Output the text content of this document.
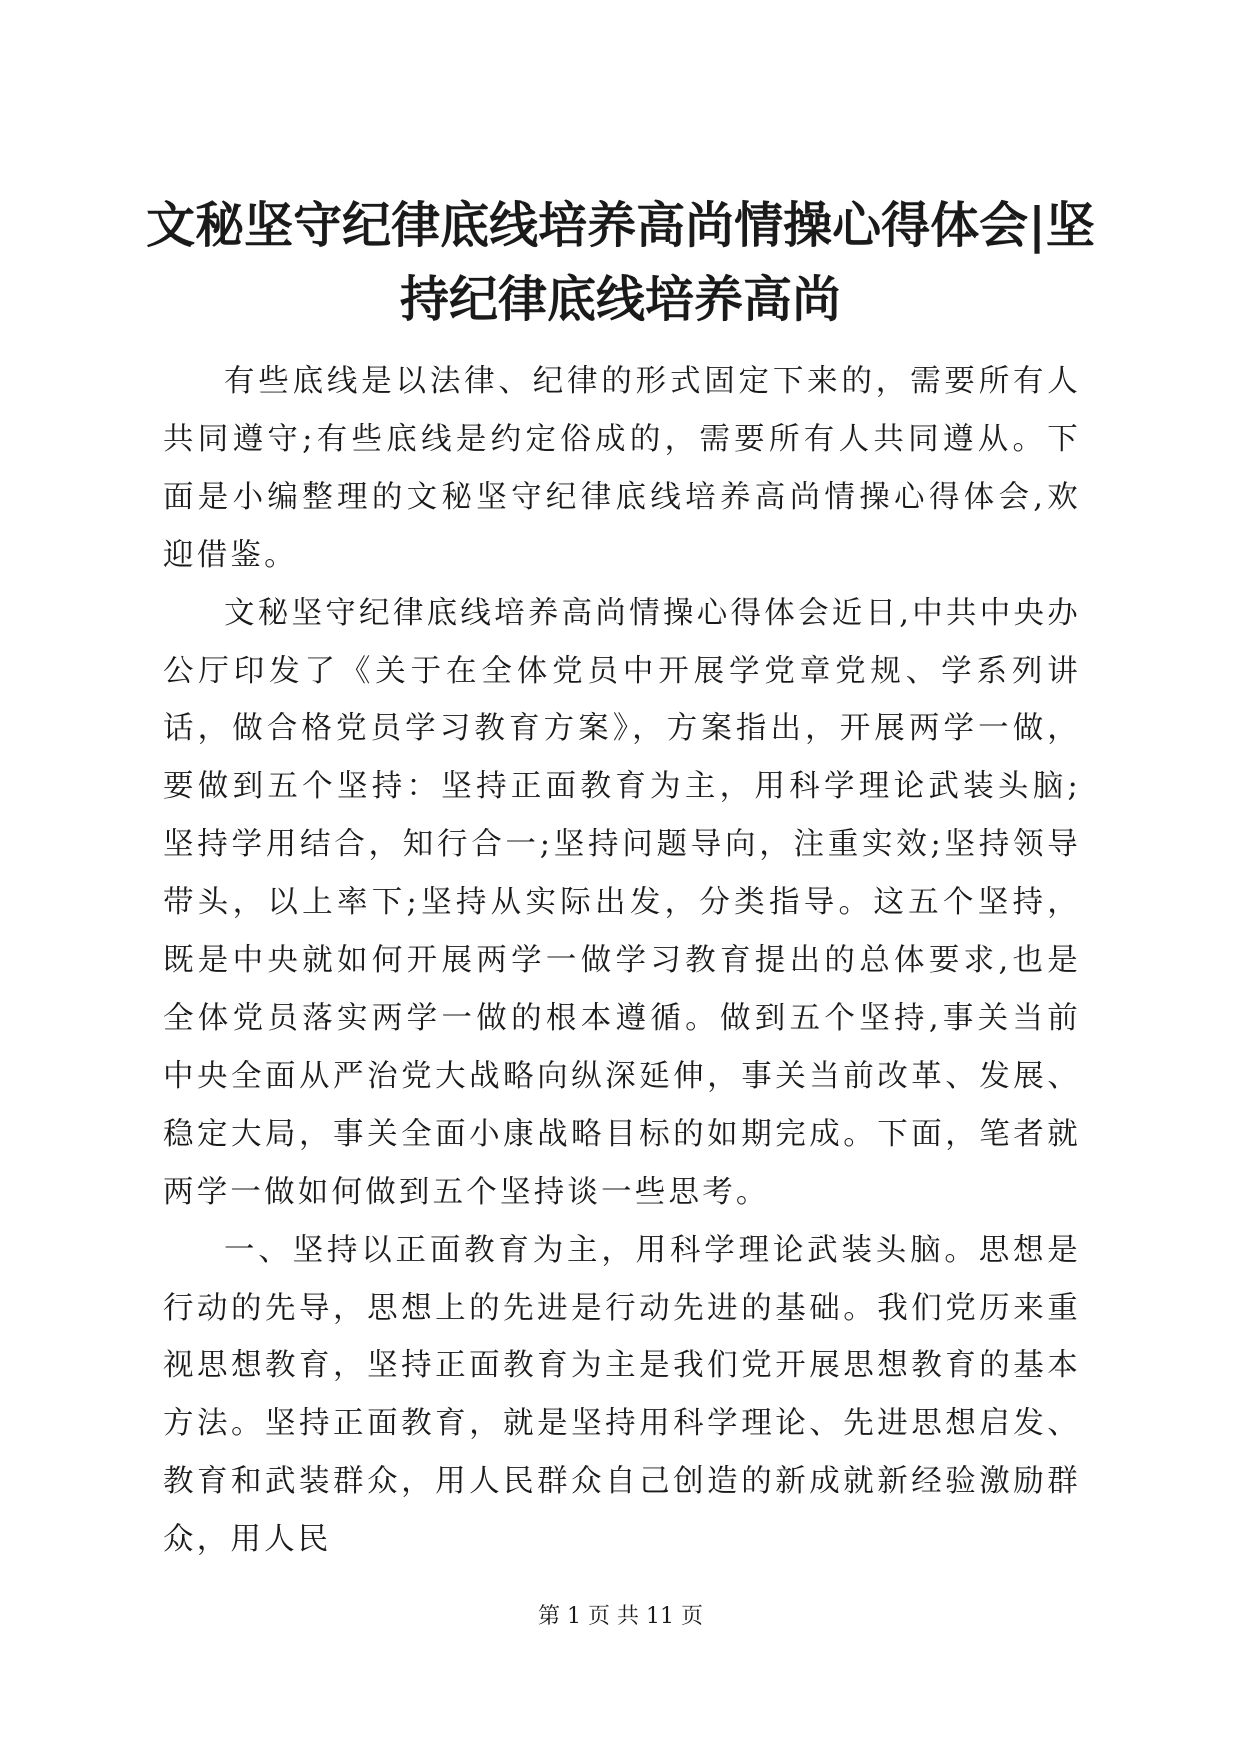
文秘坚守纪律底线培养高尚情操心得体会|坚
持纪律底线培养高尚

有些底线是以法律、纪律的形式固定下来的，需要所有人共同遵守;有些底线是约定俗成的，需要所有人共同遵从。下面是小编整理的文秘坚守纪律底线培养高尚情操心得体会,欢迎借鉴。

文秘坚守纪律底线培养高尚情操心得体会近日,中共中央办公厅印发了《关于在全体党员中开展学党章党规、学系列讲话，做合格党员学习教育方案》，方案指出，开展两学一做，要做到五个坚持：坚持正面教育为主，用科学理论武装头脑;坚持学用结合，知行合一;坚持问题导向，注重实效;坚持领导带头，以上率下;坚持从实际出发，分类指导。这五个坚持，既是中央就如何开展两学一做学习教育提出的总体要求,也是全体党员落实两学一做的根本遵循。做到五个坚持,事关当前中央全面从严治党大战略向纵深延伸，事关当前改革、发展、稳定大局，事关全面小康战略目标的如期完成。下面，笔者就两学一做如何做到五个坚持谈一些思考。

一、坚持以正面教育为主，用科学理论武装头脑。思想是行动的先导，思想上的先进是行动先进的基础。我们党历来重视思想教育，坚持正面教育为主是我们党开展思想教育的基本方法。坚持正面教育，就是坚持用科学理论、先进思想启发、教育和武装群众，用人民群众自己创造的新成就新经验激励群众，用人民

第 1 页 共 11 页
